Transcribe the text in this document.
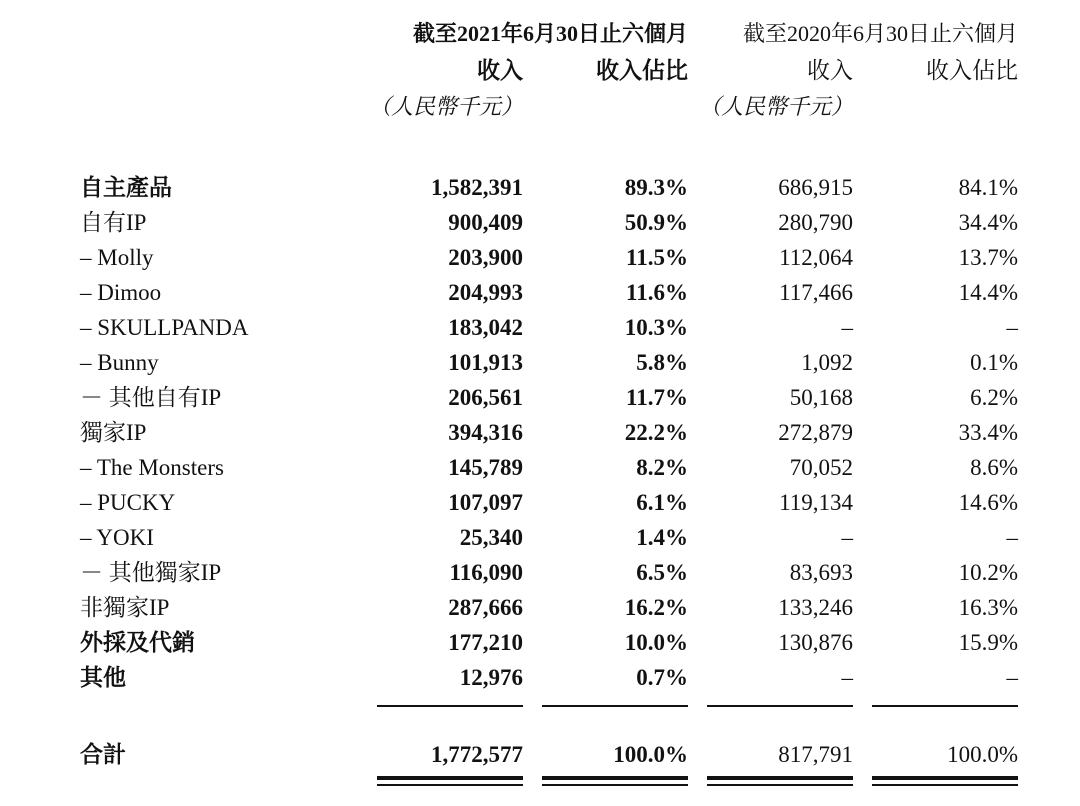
截至2021年6月30日止六個月	截至2020年6月30日止六個月
收入	收入佔比	收入	收入佔比
（人民幣千元）	（人民幣千元）
自主產品	1,582,391	89.3%	686,915	84.1%
自有IP	900,409	50.9%	280,790	34.4%
– Molly	203,900	11.5%	112,064	13.7%
– Dimoo	204,993	11.6%	117,466	14.4%
– SKULLPANDA	183,042	10.3%	–	–
– Bunny	101,913	5.8%	1,092	0.1%
－ 其他自有IP	206,561	11.7%	50,168	6.2%
獨家IP	394,316	22.2%	272,879	33.4%
– The Monsters	145,789	8.2%	70,052	8.6%
– PUCKY	107,097	6.1%	119,134	14.6%
– YOKI	25,340	1.4%	–	–
－ 其他獨家IP	116,090	6.5%	83,693	10.2%
非獨家IP	287,666	16.2%	133,246	16.3%
外採及代銷	177,210	10.0%	130,876	15.9%
其他	12,976	0.7%	–	–
合計	1,772,577	100.0%	817,791	100.0%
